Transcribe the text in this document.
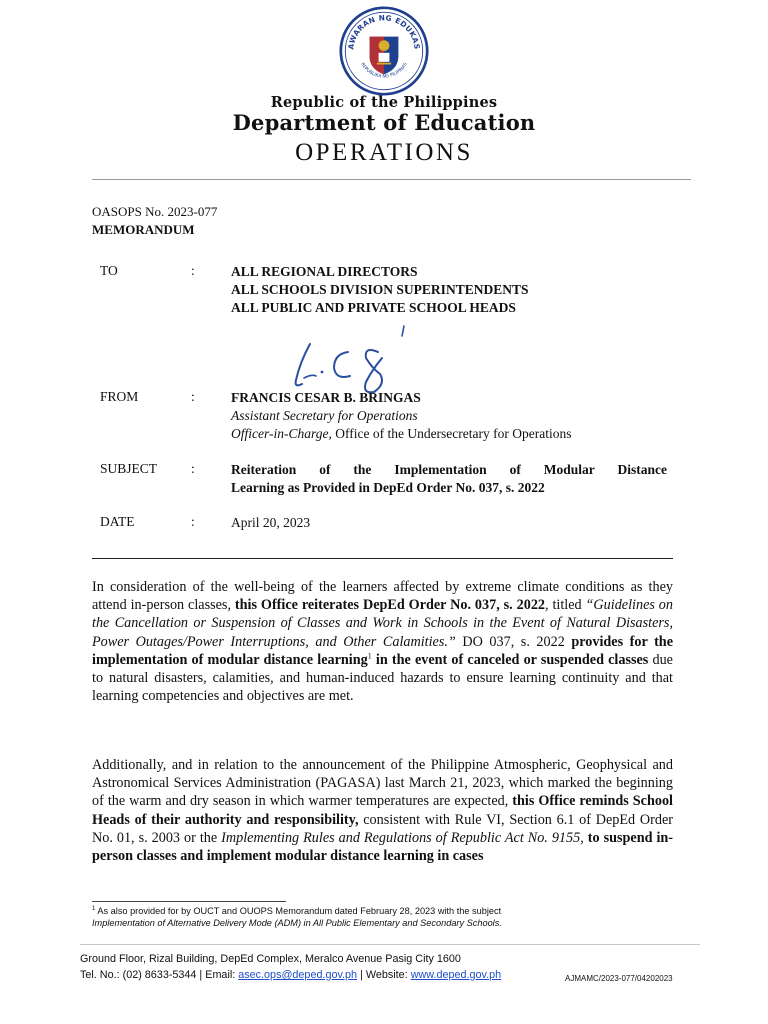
AWARAN NG EDUKAS
REPUBLIKA NG PILIPINAS
Republic of the Philippines
Department of Education
OPERATIONS
OASOPS No. 2023-077
MEMORANDUM
TO	:	ALL REGIONAL DIRECTORS
ALL SCHOOLS DIVISION SUPERINTENDENTS
ALL PUBLIC AND PRIVATE SCHOOL HEADS
FROM	:	FRANCIS CESAR B. BRINGAS
Assistant Secretary for Operations
Officer-in-Charge, Office of the Undersecretary for Operations
SUBJECT	:	Reiteration of the Implementation of Modular Distance
Learning as Provided in DepEd Order No. 037, s. 2022
DATE	:	April 20, 2023
In consideration of the well-being of the learners affected by extreme climate conditions as they attend in-person classes, this Office reiterates DepEd Order No. 037, s. 2022, titled “Guidelines on the Cancellation or Suspension of Classes and Work in Schools in the Event of Natural Disasters, Power Outages/Power Interruptions, and Other Calamities.” DO 037, s. 2022 provides for the implementation of modular distance learning$^1$ in the event of canceled or suspended classes due to natural disasters, calamities, and human-induced hazards to ensure learning continuity and that learning competencies and objectives are met.
Additionally, and in relation to the announcement of the Philippine Atmospheric, Geophysical and Astronomical Services Administration (PAGASA) last March 21, 2023, which marked the beginning of the warm and dry season in which warmer temperatures are expected, this Office reminds School Heads of their authority and responsibility, consistent with Rule VI, Section 6.1 of DepEd Order No. 01, s. 2003 or the Implementing Rules and Regulations of Republic Act No. 9155, to suspend in-person classes and implement modular distance learning in cases
$^1$ As also provided for by OUCT and OUOPS Memorandum dated February 28, 2023 with the subject
Implementation of Alternative Delivery Mode (ADM) in All Public Elementary and Secondary Schools.
Ground Floor, Rizal Building, DepEd Complex, Meralco Avenue Pasig City 1600
Tel. No.: (02) 8633-5344 | Email: asec.ops@deped.gov.ph | Website: www.deped.gov.ph	AJMAMC/2023-077/04202023
